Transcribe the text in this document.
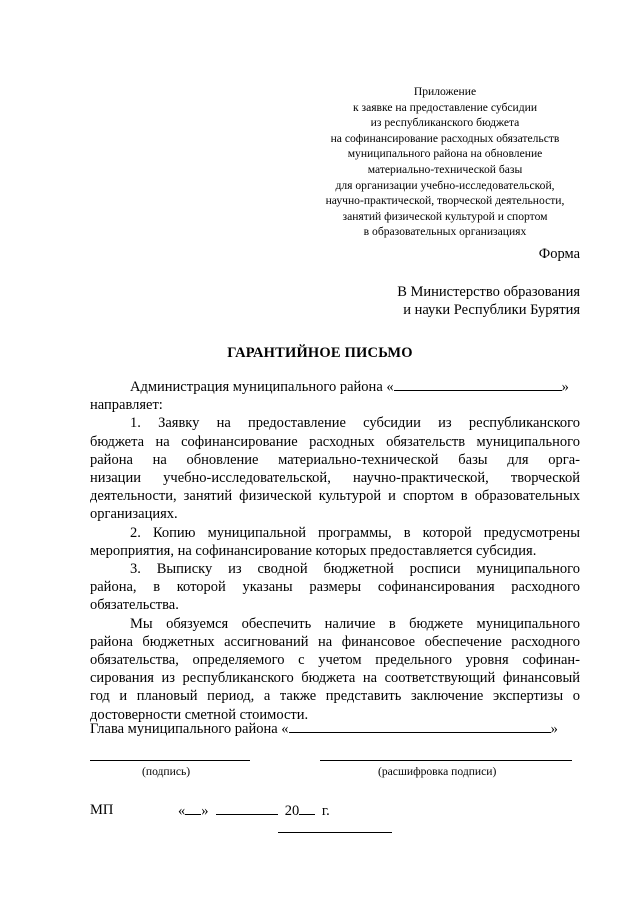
Приложение
к заявке на предоставление субсидии
из республиканского бюджета
на софинансирование расходных обязательств
муниципального района на обновление
материально-технической базы
для организации учебно-исследовательской,
научно-практической, творческой деятельности,
занятий физической культурой и спортом
в образовательных организациях
Форма
В Министерство образования
и науки Республики Бурятия
ГАРАНТИЙНОЕ ПИСЬМО
Администрация муниципального района «	»
направляет:
1. Заявку на предоставление субсидии из республиканского
бюджета на софинансирование расходных обязательств муниципального
района на обновление материально-технической базы для орга-
низации учебно-исследовательской, научно-практической, творческой
деятельности, занятий физической культурой и спортом в образовательных
организациях.
2. Копию муниципальной программы, в которой предусмотрены
мероприятия, на софинансирование которых предоставляется субсидия.
3. Выписку из сводной бюджетной росписи муниципального
района, в которой указаны размеры софинансирования расходного
обязательства.
Мы обязуемся обеспечить наличие в бюджете муниципального
района бюджетных ассигнований на финансовое обеспечение расходного
обязательства, определяемого с учетом предельного уровня софинан-
сирования из республиканского бюджета на соответствующий финансовый
год и плановый период, а также представить заключение экспертизы о
достоверности сметной стоимости.
Глава муниципального района «	»
(подпись)	(расшифровка подписи)
МП	« »	20 г.
